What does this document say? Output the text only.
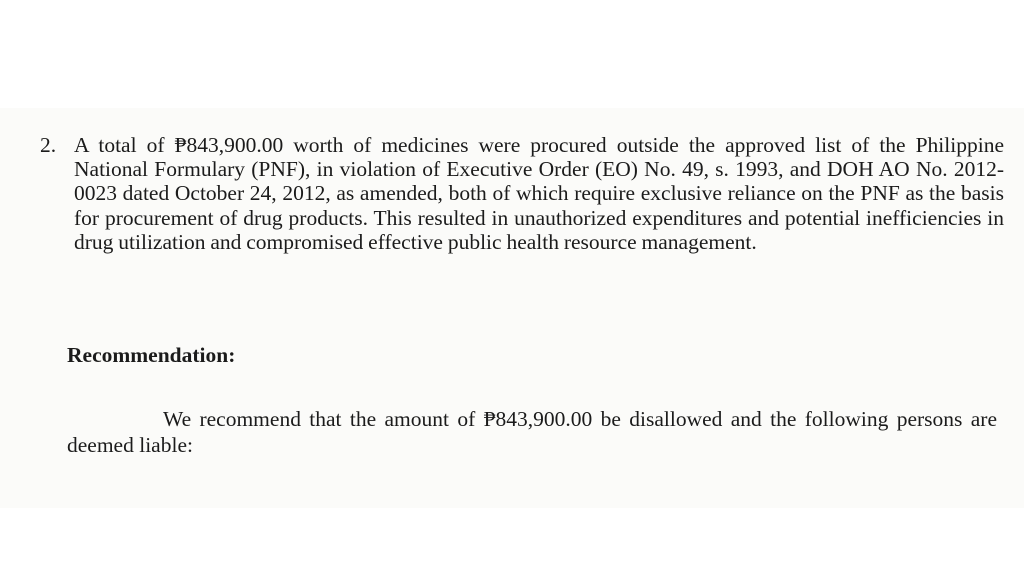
2. A total of ₱843,900.00 worth of medicines were procured outside the approved list of the Philippine National Formulary (PNF), in violation of Executive Order (EO) No. 49, s. 1993, and DOH AO No. 2012-0023 dated October 24, 2012, as amended, both of which require exclusive reliance on the PNF as the basis for procurement of drug products. This resulted in unauthorized expenditures and potential inefficiencies in drug utilization and compromised effective public health resource management.

Recommendation:

We recommend that the amount of ₱843,900.00 be disallowed and the following persons are deemed liable:
